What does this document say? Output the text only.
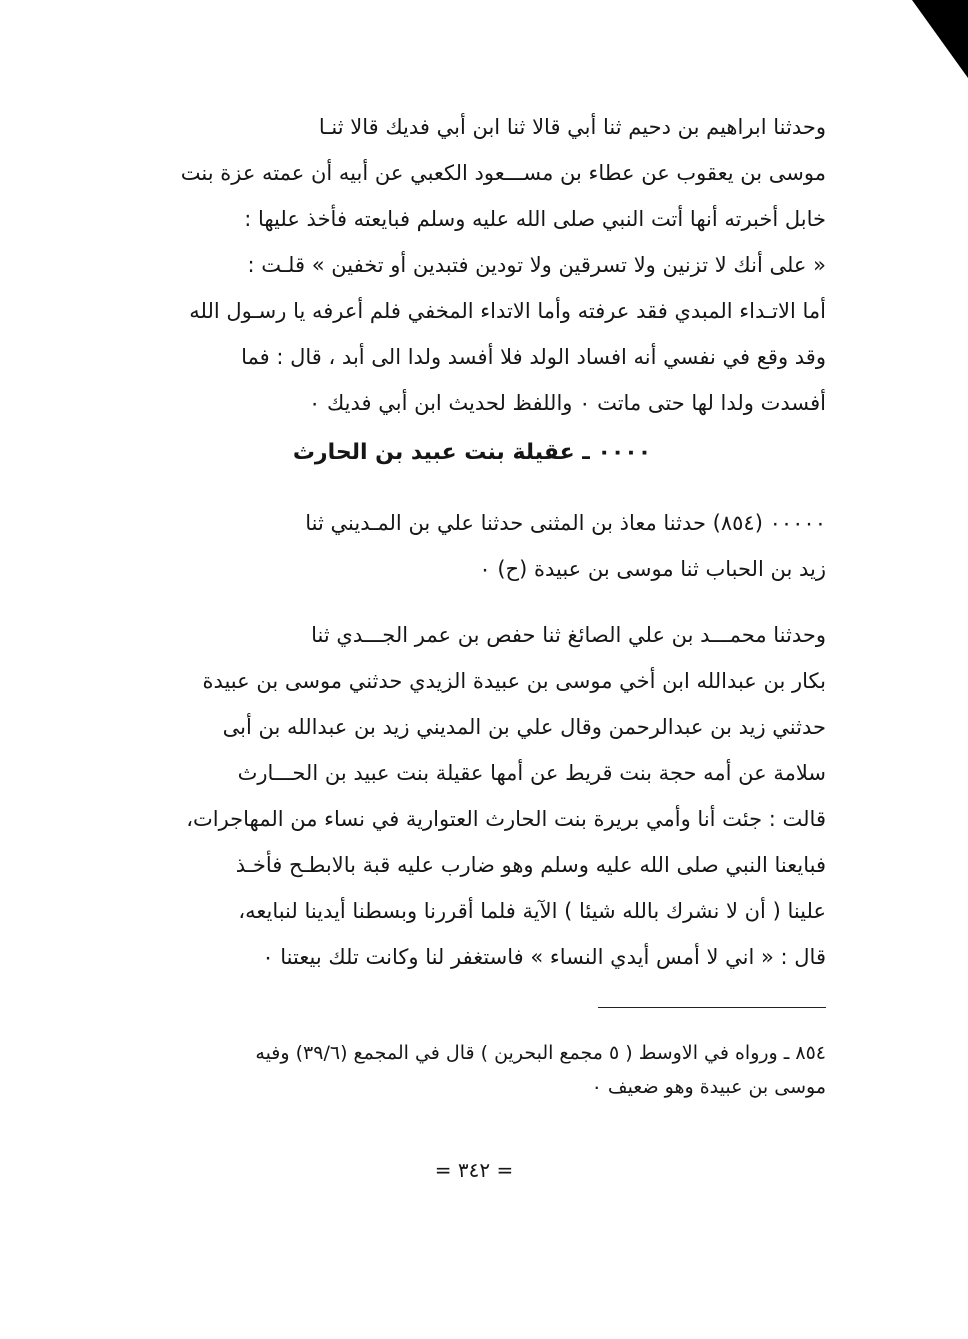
وحدثنا ابراهيم بن دحيم ثنا أبي قالا ثنا ابن أبي فديك قالا ثنـا
موسى بن يعقوب عن عطاء بن مســـعود الكعبي عن أبيه أن عمته عزة بنت
خابل أخبرته أنها أتت النبي صلى الله عليه وسلم فبايعته فأخذ عليها :
« على أنك لا تزنين ولا تسرقين ولا تودين فتبدين أو تخفين » قلـت :
أما الاتـداء المبدي فقد عرفته وأما الاتداء المخفي فلم أعرفه يا رسـول الله
وقد وقع في نفسي أنه افساد الولد فلا أفسد ولدا الى أبد ، قال : فما
أفسدت ولدا لها حتى ماتت ٠ واللفظ لحديث ابن أبي فديك ٠
٠٠٠٠ ـ عقيلة بنت عبيد بن الحارث
٠٠٠٠٠ (٨٥٤) حدثنا معاذ بن المثنى حدثنا علي بن المـديني ثنا
زيد بن الحباب ثنا موسى بن عبيدة (ح) ٠
وحدثنا محمـــد بن علي الصائغ ثنا حفص بن عمر الجـــدي ثنا
بكار بن عبدالله ابن أخي موسى بن عبيدة الزيدي حدثني موسى بن عبيدة
حدثني زيد بن عبدالرحمن وقال علي بن المديني زيد بن عبدالله بن أبى
سلامة عن أمه حجة بنت قريط عن أمها عقيلة بنت عبيد بن الحـــارث
قالت : جئت أنا وأمي بريرة بنت الحارث العتوارية في نساء من المهاجرات،
فبايعنا النبي صلى الله عليه وسلم وهو ضارب عليه قبة بالابطـح فأخـذ
علينا ( أن لا نشرك بالله شيئا ) الآية فلما أقررنا وبسطنا أيدينا لنبايعه،
قال : « اني لا أمس أيدي النساء » فاستغفر لنا وكانت تلك بيعتنا ٠
٨٥٤ ـ ورواه في الاوسط ( ٥ مجمع البحرين ) قال في المجمع (٣٩/٦) وفيه
موسى بن عبيدة وهو ضعيف ٠
= ٣٤٢ =
